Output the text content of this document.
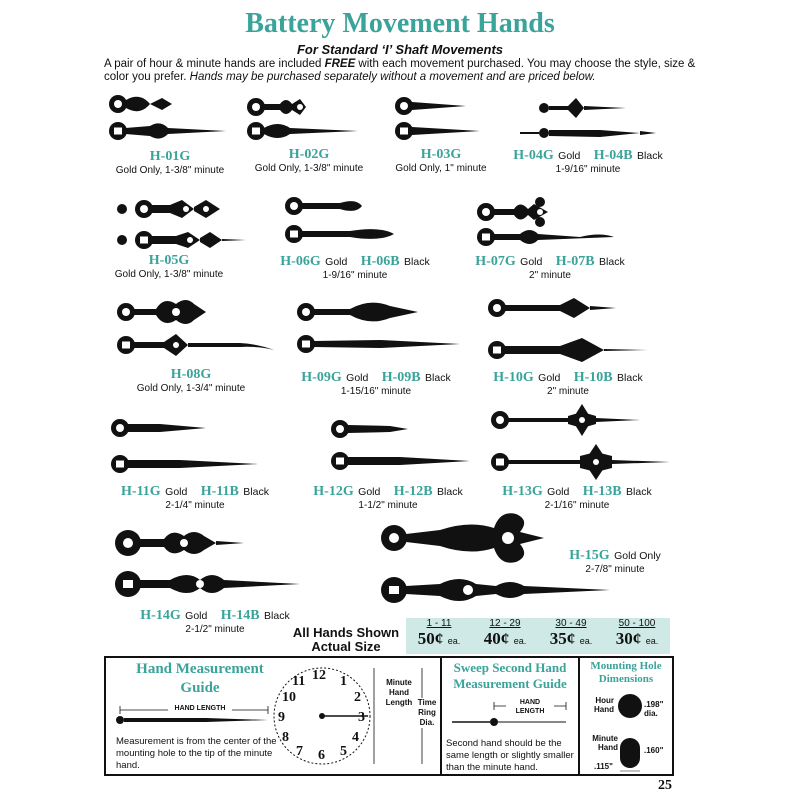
Battery Movement Hands
For Standard ‘I’ Shaft Movements
A pair of hour & minute hands are included FREE with each movement purchased. You may choose the style, size & color you prefer. Hands may be purchased separately without a movement and are priced below.
H-01G
Gold Only, 1-3/8" minute
H-02G
Gold Only, 1-3/8" minute
H-03G
Gold Only, 1" minute
H-04G Gold H-04B Black
1-9/16" minute
H-05G
Gold Only, 1-3/8" minute
H-06G Gold H-06B Black
1-9/16" minute
H-07G Gold H-07B Black
2" minute
H-08G
Gold Only, 1-3/4" minute
H-09G Gold H-09B Black
1-15/16" minute
H-10G Gold H-10B Black
2" minute
H-11G Gold H-11B Black
2-1/4" minute
H-12G Gold H-12B Black
1-1/2" minute
H-13G Gold H-13B Black
2-1/16" minute
H-14G Gold H-14B Black
2-1/2" minute
H-15G Gold Only
2-7/8" minute
All Hands Shown
Actual Size
1 - 11
50¢ ea.
12 - 29
40¢ ea.
30 - 49
35¢ ea.
50 - 100
30¢ ea.
Hand Measurement
Guide
HAND LENGTH
Measurement is from the center of the mounting hole to the tip of the minute hand.
12 1
2
3
4
5
6
7
8
9
10
11	Minute
Hand
Length Time
Ring
Dia.
Sweep Second Hand
Measurement Guide
HAND
LENGTH
Second hand should be the same length or slightly smaller than the minute hand.
Mounting Hole
Dimensions
Hour
Hand
.198"
dia.
Minute
Hand	.160"
.115"
25
